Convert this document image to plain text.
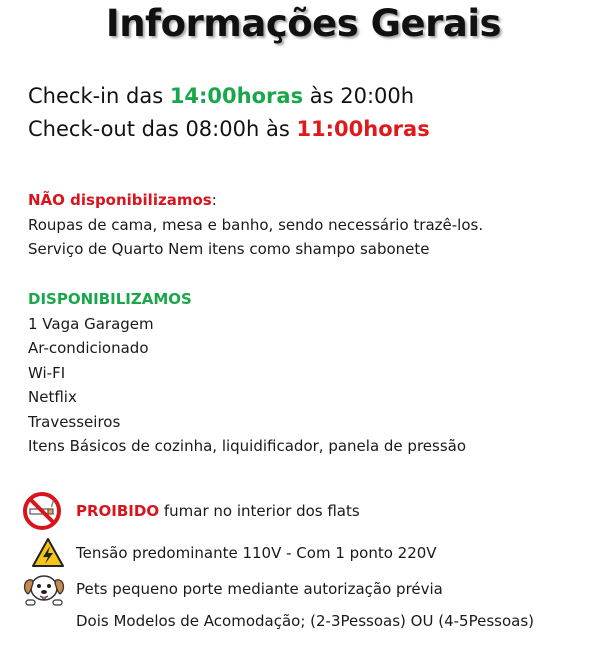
Informações Gerais
Check-in das 14:00horas às 20:00h
Check-out das 08:00h às 11:00horas
NÃO disponibilizamos:
Roupas de cama, mesa e banho, sendo necessário trazê-los.
Serviço de Quarto Nem itens como shampo sabonete
DISPONIBILIZAMOS
1 Vaga Garagem
Ar-condicionado
Wi-FI
Netflix
Travesseiros
Itens Básicos de cozinha, liquidificador, panela de pressão
PROIBIDO fumar no interior dos flats
Tensão predominante 110V - Com 1 ponto 220V
Pets pequeno porte mediante autorização prévia
Dois Modelos de Acomodação; (2-3Pessoas) OU (4-5Pessoas)
